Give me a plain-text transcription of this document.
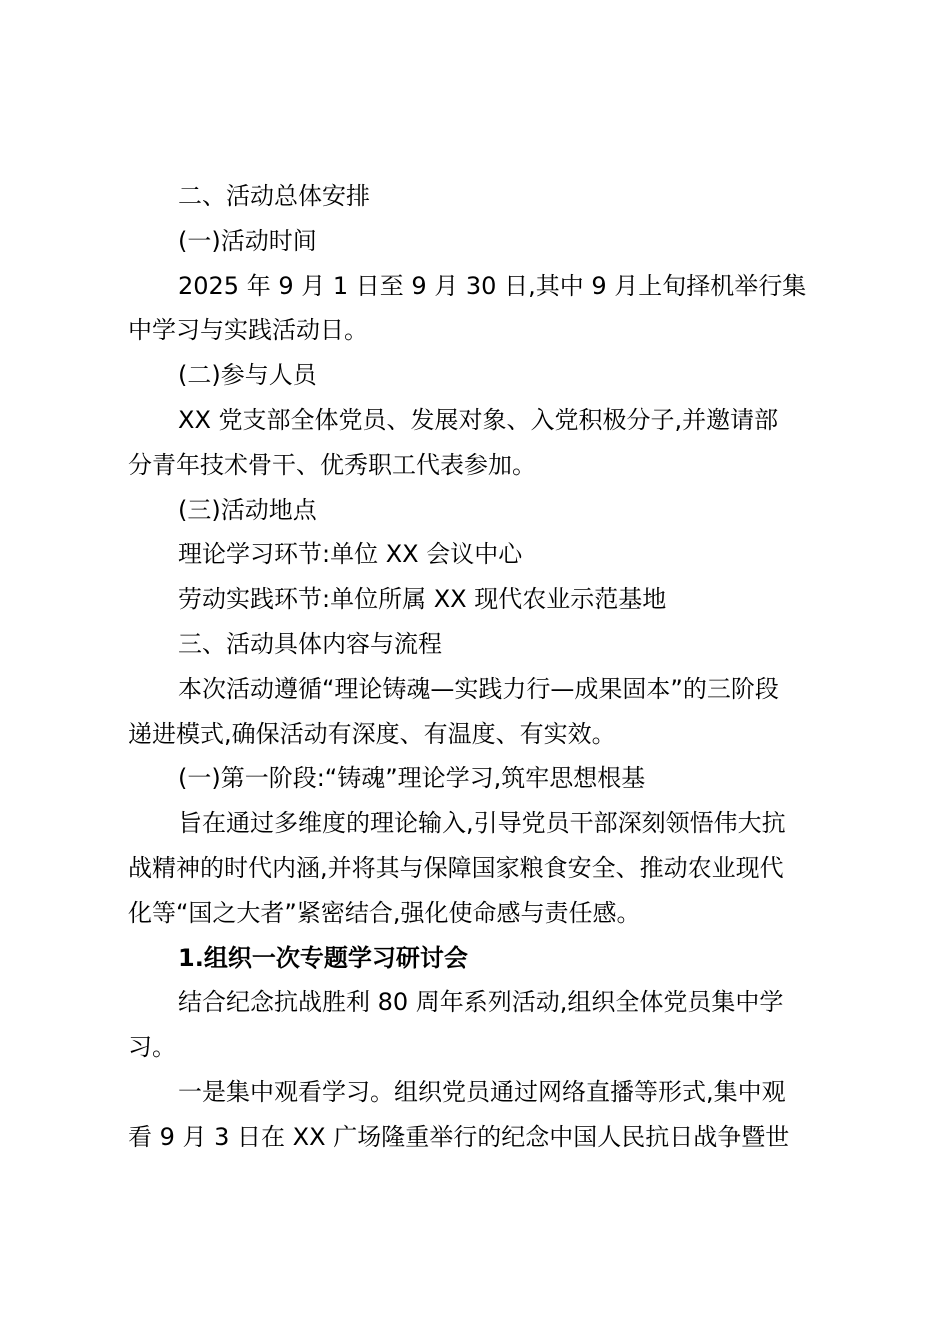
二、活动总体安排
(一)活动时间
2025 年 9 月 1 日至 9 月 30 日,其中 9 月上旬择机举行集
中学习与实践活动日。
(二)参与人员
XX 党支部全体党员、发展对象、入党积极分子,并邀请部
分青年技术骨干、优秀职工代表参加。
(三)活动地点
理论学习环节:单位 XX 会议中心
劳动实践环节:单位所属 XX 现代农业示范基地
三、活动具体内容与流程
本次活动遵循“理论铸魂—实践力行—成果固本”的三阶段
递进模式,确保活动有深度、有温度、有实效。
(一)第一阶段:“铸魂”理论学习,筑牢思想根基
旨在通过多维度的理论输入,引导党员干部深刻领悟伟大抗
战精神的时代内涵,并将其与保障国家粮食安全、推动农业现代
化等“国之大者”紧密结合,强化使命感与责任感。
1.组织一次专题学习研讨会
结合纪念抗战胜利 80 周年系列活动,组织全体党员集中学
习。
一是集中观看学习。组织党员通过网络直播等形式,集中观
看 9 月 3 日在 XX 广场隆重举行的纪念中国人民抗日战争暨世
